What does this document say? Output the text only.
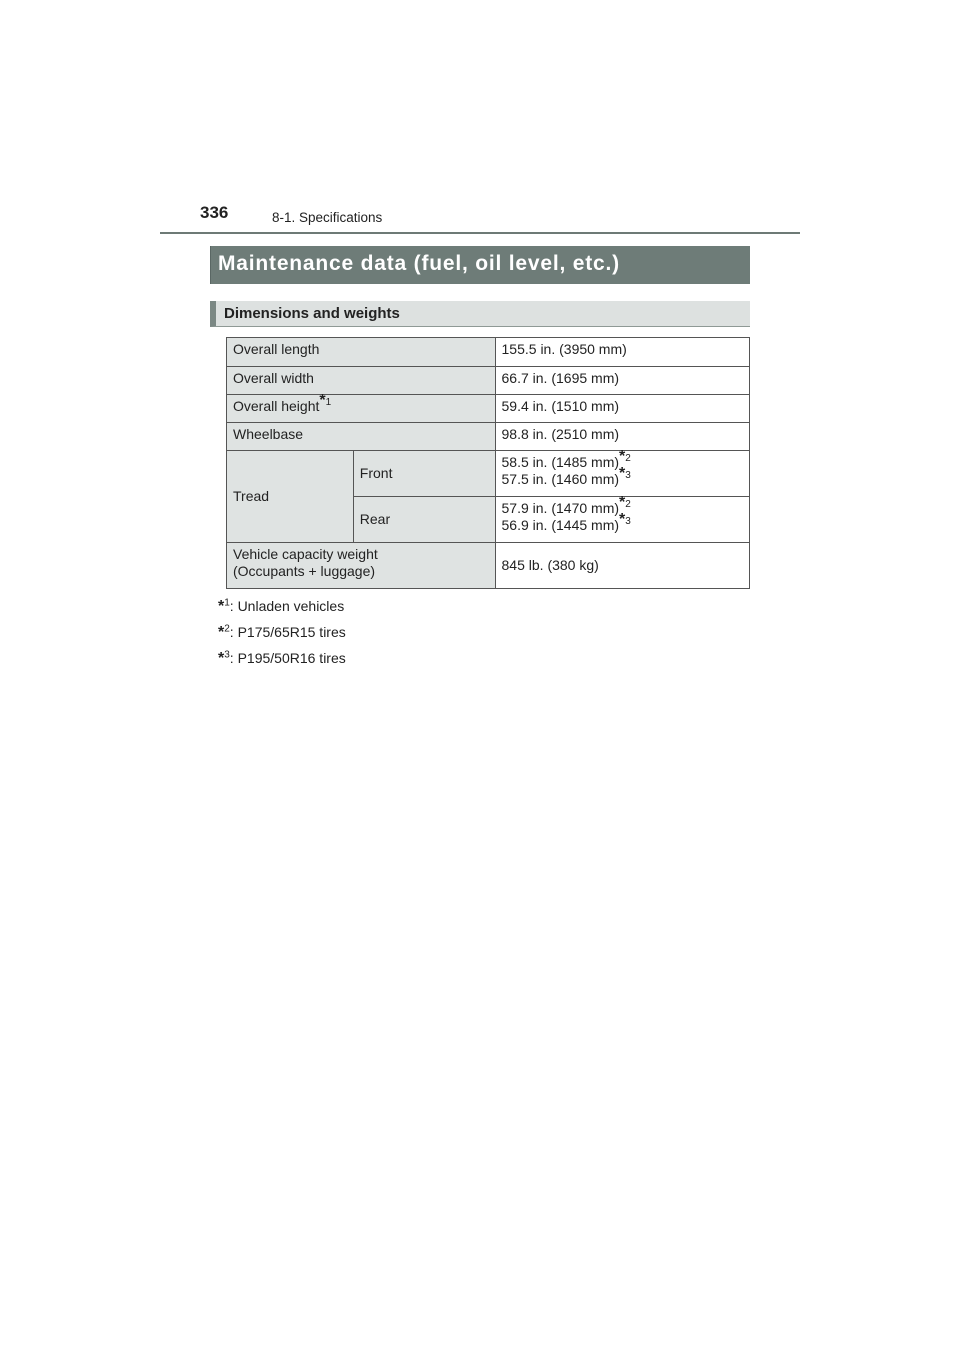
336	8-1. Specifications
Maintenance data (fuel, oil level, etc.)
Dimensions and weights
Overall length		155.5 in. (3950 mm)
Overall width		66.7 in. (1695 mm)
Overall height$^{*1}$		59.4 in. (1510 mm)
Wheelbase		98.8 in. (2510 mm)
Tread	Front	58.5 in. (1485 mm)$^{*2}$
57.5 in. (1460 mm)$^{*3}$

	Rear	57.9 in. (1470 mm)$^{*2}$
56.9 in. (1445 mm)$^{*3}$

Vehicle capacity weight
(Occupants + luggage)		845 lb. (380 kg)
*$^1$: Unladen vehicles
*$^2$: P175/65R15 tires
*$^3$: P195/50R16 tires
